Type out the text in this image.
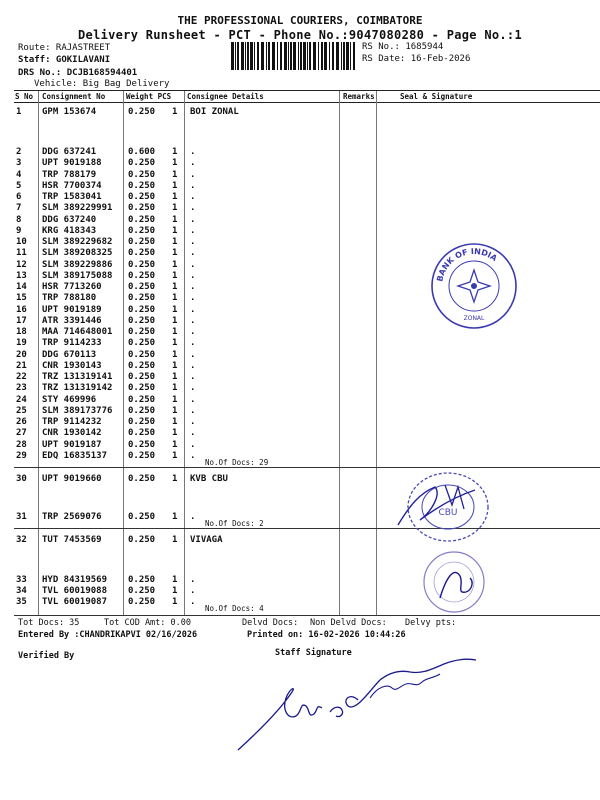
THE PROFESSIONAL COURIERS, COIMBATORE
Delivery Runsheet - PCT - Phone No.:9047080280 - Page No.:1
Route: RAJASTREET
Staff: GOKILAVANI
DRS No.: DCJB168594401
Vehicle: Big Bag Delivery
RS No.: 1685944
RS Date: 16-Feb-2026
S No Consignment No	Weight PCS Consignee Details	Remarks	Seal & Signature
1 GPM 153674	0.250 1 BOI ZONAL
2 DDG 637241	0.600 1 .
3 UPT 9019188	0.250 1 .
4 TRP 788179	0.250 1 .
5 HSR 7700374	0.250 1 .
6 TRP 1583041	0.250 1 .
7 SLM 389229991 0.250 1 .
8 DDG 637240	0.250 1 .
9 KRG 418343	0.250 1 .
10 SLM 389229682 0.250 1 .
11 SLM 389208325 0.250 1 .
12 SLM 389229886 0.250 1 .
13 SLM 389175088 0.250 1 .
14 HSR 7713260	0.250 1 .
15 TRP 788180	0.250 1 .
16 UPT 9019189	0.250 1 .
17 ATR 3391446	0.250 1 .
18 MAA 714648001 0.250 1 .
19 TRP 9114233	0.250 1 .
20 DDG 670113	0.250 1 .
21 CNR 1930143	0.250 1 .
22 TRZ 131319141 0.250 1 .
23 TRZ 131319142 0.250 1 .
24 STY 469996	0.250 1 .
25 SLM 389173776 0.250 1 .
26 TRP 9114232	0.250 1 .
27 CNR 1930142	0.250 1 .
28 UPT 9019187	0.250 1 .
29 EDQ 16835137 0.250 1 .
No.Of Docs: 29
30 UPT 9019660	0.250 1 KVB CBU
31 TRP 2569076	0.250 1 .
No.Of Docs: 2
32 TUT 7453569	0.250 1 VIVAGA
33 HYD 84319569 0.250 1 .
34 TVL 60019088 0.250 1 .
35 TVL 60019087 0.250 1 .
No.Of Docs: 4
Tot Docs: 35	Tot COD Amt: 0.00	Delvd Docs: Non Delvd Docs: Delvy pts:
Entered By :CHANDRIKAPVI 02/16/2026	Printed on: 16-02-2026 10:44:26
Verified By	Staff Signature
BANK OF INDIA
ZONAL
CBU
